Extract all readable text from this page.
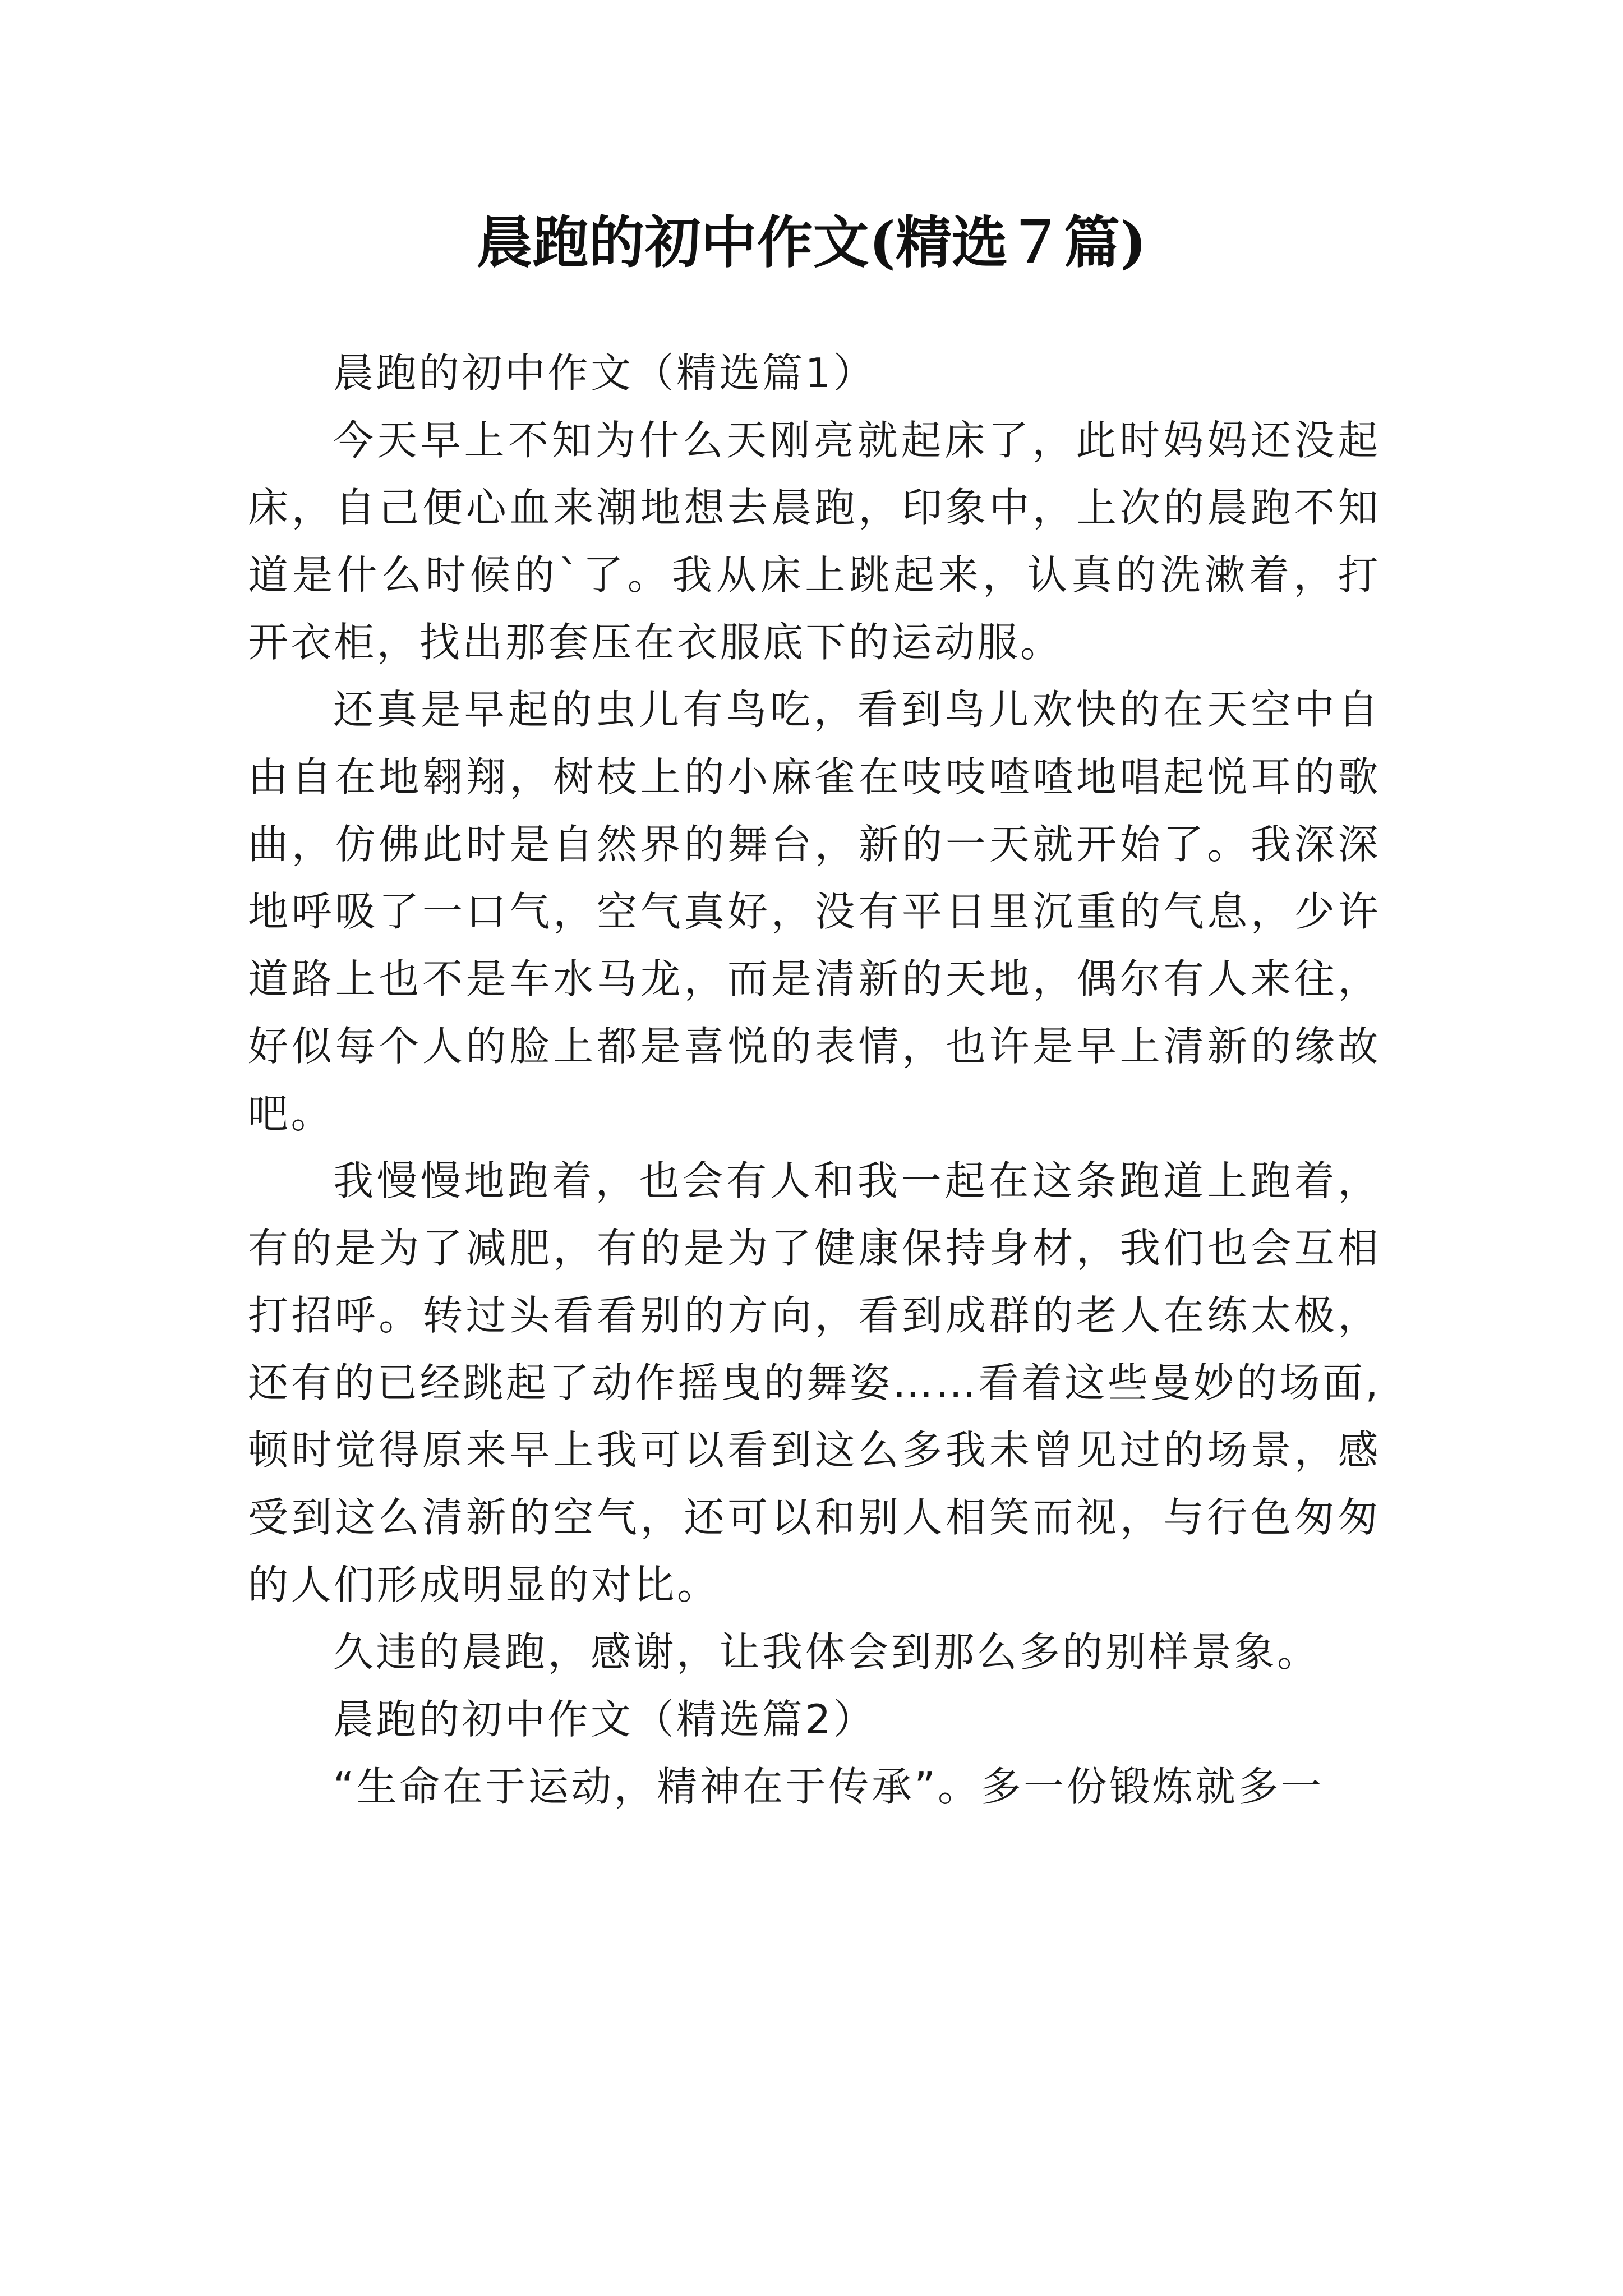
晨跑的初中作文(精选７篇)

晨跑的初中作文（精选篇1）

今天早上不知为什么天刚亮就起床了，此时妈妈还没起床，自己便心血来潮地想去晨跑，印象中，上次的晨跑不知道是什么时候的`了。我从床上跳起来，认真的洗漱着，打开衣柜，找出那套压在衣服底下的运动服。

还真是早起的虫儿有鸟吃，看到鸟儿欢快的在天空中自由自在地翱翔，树枝上的小麻雀在吱吱喳喳地唱起悦耳的歌曲，仿佛此时是自然界的舞台，新的一天就开始了。我深深地呼吸了一口气，空气真好，没有平日里沉重的气息，少许道路上也不是车水马龙，而是清新的天地，偶尔有人来往，好似每个人的脸上都是喜悦的表情，也许是早上清新的缘故吧。

我慢慢地跑着，也会有人和我一起在这条跑道上跑着，有的是为了减肥，有的是为了健康保持身材，我们也会互相打招呼。转过头看看别的方向，看到成群的老人在练太极，还有的已经跳起了动作摇曳的舞姿……看着这些曼妙的场面,顿时觉得原来早上我可以看到这么多我未曾见过的场景，感受到这么清新的空气，还可以和别人相笑而视，与行色匆匆的人们形成明显的对比。

久违的晨跑，感谢，让我体会到那么多的别样景象。

晨跑的初中作文（精选篇2）

“生命在于运动，精神在于传承”。多一份锻炼就多一
